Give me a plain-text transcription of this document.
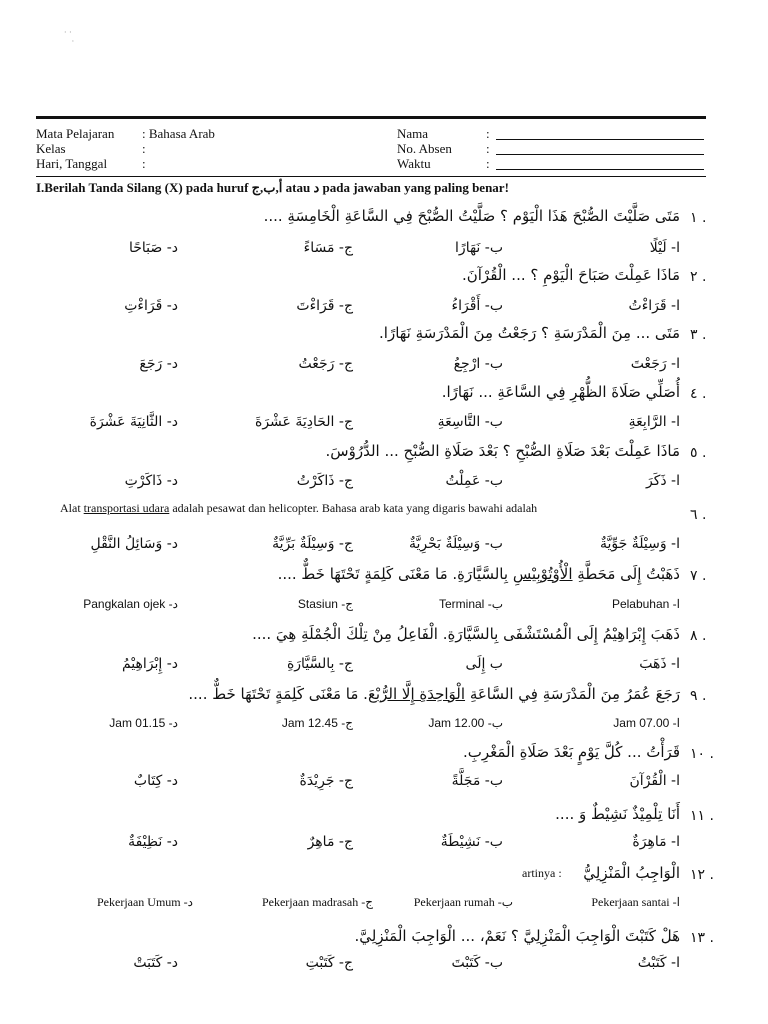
· ·
·
Mata Pelajaran : Bahasa Arab
Kelas	:
Hari, Tanggal	:
Nama	:
No. Absen	:
Waktu	:
I.Berilah Tanda Silang (X) pada huruf أ,ب,ج atau د pada jawaban yang paling benar!
١ .
مَتَى صَلَّيْتَ الصُّبْحَ هَذَا الْيَوْم ؟ صَلَّيْتُ الصُّبْحَ فِي السَّاعَةِ الْخَامِسَةِ ....
ا- لَيْلًا
ب- نَهَارًا
ج- مَسَاءً
د- صَبَاحًا
٢ .
مَاذَا عَمِلْتَ صَبَاحَ الْيَوْمِ ؟ ... الْقُرْآنَ.
ا- قَرَاءْتُ
ب- أَقْرَاءُ
ج- قَرَاءْتَ
د- قَرَاءْتِ
٣ .
مَتَى ... مِنَ الْمَدْرَسَةِ ؟ رَجَعْتُ مِنَ الْمَدْرَسَةِ نَهَارًا.
ا- رَجَعْتَ
ب- ارْجِعُ
ج- رَجَعْتُ
د- رَجَعَ
٤ .
أُصَلِّي صَلَاةَ الظُّهْرِ فِي السَّاعَةِ ... نَهَارًا.
ا- الرَّابِعَةِ
ب- التَّاسِعَةِ
ج- الحَادِيَةَ عَشْرَةَ
د- الثَّانِيَةَ عَشْرَةَ
٥ .
مَاذَا عَمِلْتَ بَعْدَ صَلَاةِ الصُّبْحِ ؟ بَعْدَ صَلَاةِ الصُّبْحِ ... الدُّرُوْسَ.
ا- ذَكَرَ
ب- عَمِلْتُ
ج- ذَاكَرْتُ
د- ذَاكَرْتِ
٦ .
Alat transportasi udara adalah pesawat dan helicopter. Bahasa arab kata yang digaris bawahi adalah
ا- وَسِيْلَةٌ جَوِّيَّةٌ
ب- وَسِيْلَةٌ بَحْرِيَّةٌ
ج- وَسِيْلَةٌ بَرِّيَّةٌ
د- وَسَائِلُ النَّقْلِ
٧ .
ذَهَبْتُ إِلَى مَحَطَّةِ الْأُوْتُوْبِيْسِ بِالسَّيَّارَةِ. مَا مَعْنَى كَلِمَةٍ تَحْتَهَا خَطٌّ ....
ا- Pelabuhan
ب- Terminal
ج- Stasiun
د- Pangkalan ojek
٨ .
ذَهَبَ إِبْرَاهِيْمُ إِلَى الْمُسْتَشْفَى بِالسَّيَّارَةِ. الْفَاعِلُ مِنْ تِلْكَ الْجُمْلَةِ هِيَ ....
ا- ذَهَبَ
ب إِلَى
ج- بِالسَّيَّارَةِ
د- إِبْرَاهِيْمُ
٩ .
رَجَعَ عُمَرُ مِنَ الْمَدْرَسَةِ فِي السَّاعَةِ الْوَاحِدَةِ إِلَّا الرُّبْعَ. مَا مَعْنَى كَلِمَةٍ تَحْتَهَا خَطٌّ ....
ا- Jam 07.00
ب- Jam 12.00
ج- Jam 12.45
د- Jam 01.15
١٠ .
قَرَأْتُ ... كُلَّ يَوْمٍ بَعْدَ صَلَاةِ الْمَغْرِبِ.
ا- الْقُرْآنَ
ب- مَجَلَّةً
ج- جَرِيْدَةٌ
د- كِتَابٌ
١١ .
أَنَا تِلْمِيْذٌ نَشِيْطٌ وَ ....
ا- مَاهِرَةٌ
ب- نَشِيْطَةٌ
ج- مَاهِرٌ
د- نَظِيْفَةٌ
١٢ .
الْوَاجِبُ الْمَنْزِلِيُّ
artinya :
ا- Pekerjaan santai
ب- Pekerjaan rumah
ج- Pekerjaan madrasah
د- Pekerjaan Umum
١٣ .
هَلْ كَتَبْتَ الْوَاجِبَ الْمَنْزِلِيَّ ؟ نَعَمْ، ... الْوَاجِبَ الْمَنْزِلِيَّ.
ا- كَتَبْتُ
ب- كَتَبْتَ
ج- كَتَبْتِ
د- كَتَبَتْ
